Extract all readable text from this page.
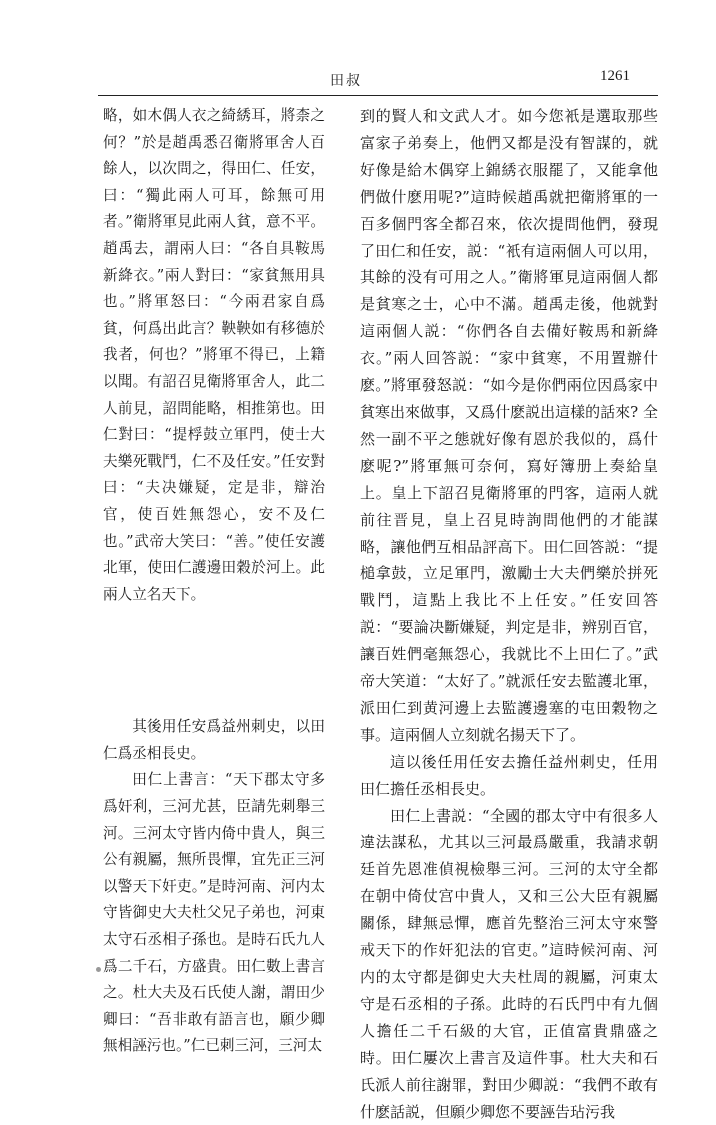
田叔	1261

略，如木偶人衣之綺綉耳，將柰之何？”於是趙禹悉召衛將軍舍人百餘人，以次問之，得田仁、任安，曰：“獨此兩人可耳，餘無可用者。”衛將軍見此兩人貧，意不平。趙禹去，謂兩人曰：“各自具鞍馬新絳衣。”兩人對曰：“家貧無用具也。”將軍怒曰：“今兩君家自爲貧，何爲出此言？鞅鞅如有移德於我者，何也？”將軍不得已，上籍以聞。有詔召見衛將軍舍人，此二人前見，詔問能略，相推第也。田仁對曰：“提桴鼓立軍門，使士大夫樂死戰鬥，仁不及任安。”任安對曰：“夫决嫌疑，定是非，辯治官，使百姓無怨心，安不及仁也。”武帝大笑曰：“善。”使任安護北軍，使田仁護邊田穀於河上。此兩人立名天下。

其後用任安爲益州刺史，以田仁爲丞相長史。

田仁上書言：“天下郡太守多爲奸利，三河尤甚，臣請先刺舉三河。三河太守皆内倚中貴人，與三公有親屬，無所畏憚，宜先正三河以警天下奸吏。”是時河南、河内太守皆御史大夫杜父兄子弟也，河東太守石丞相子孫也。是時石氏九人爲二千石，方盛貴。田仁數上書言之。杜大夫及石氏使人謝，謂田少卿曰：“吾非敢有語言也，願少卿無相誣污也。”仁已刺三河，三河太

到的賢人和文武人才。如今您衹是選取那些富家子弟奏上，他們又都是没有智謀的，就好像是給木偶穿上錦綉衣服罷了，又能拿他們做什麽用呢?”這時候趙禹就把衛將軍的一百多個門客全都召來，依次提問他們，發現了田仁和任安，説：“衹有這兩個人可以用，其餘的没有可用之人。”衛將軍見這兩個人都是貧寒之士，心中不滿。趙禹走後，他就對這兩個人説：“你們各自去備好鞍馬和新絳衣。”兩人回答説：“家中貧寒，不用置辦什麽。”將軍發怒説：“如今是你們兩位因爲家中貧寒出來做事，又爲什麽説出這樣的話來? 全然一副不平之態就好像有恩於我似的，爲什麽呢?”將軍無可奈何，寫好簿册上奏給皇上。皇上下詔召見衛將軍的門客，這兩人就前往晋見，皇上召見時詢問他們的才能謀略，讓他們互相品評高下。田仁回答説：“提槌拿鼓，立足軍門，激勵士大夫們樂於拼死戰鬥，這點上我比不上任安。”任安回答説：“要論决斷嫌疑，判定是非，辨别百官，讓百姓們毫無怨心，我就比不上田仁了。”武帝大笑道：“太好了。”就派任安去監護北軍，派田仁到黄河邊上去監護邊塞的屯田穀物之事。這兩個人立刻就名揚天下了。

這以後任用任安去擔任益州刺史，任用田仁擔任丞相長史。

田仁上書説：“全國的郡太守中有很多人違法謀私，尤其以三河最爲嚴重，我請求朝廷首先恩准偵視檢舉三河。三河的太守全都在朝中倚仗宫中貴人，又和三公大臣有親屬關係，肆無忌憚，應首先整治三河太守來警戒天下的作奸犯法的官吏。”這時候河南、河内的太守都是御史大夫杜周的親屬，河東太守是石丞相的子孫。此時的石氏門中有九個人擔任二千石級的大官，正值富貴鼎盛之時。田仁屢次上書言及這件事。杜大夫和石氏派人前往謝罪，對田少卿説：“我們不敢有什麽話説，但願少卿您不要誣告玷污我
